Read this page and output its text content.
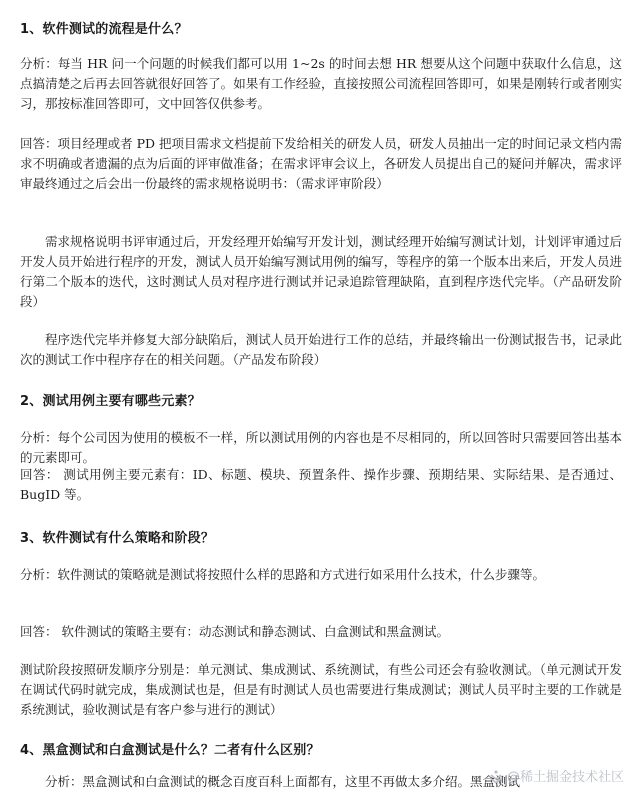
1、软件测试的流程是什么？

分析：每当 HR 问一个问题的时候我们都可以用 1~2s 的时间去想 HR 想要从这个问题中获取什么信息，这点搞清楚之后再去回答就很好回答了。如果有工作经验，直接按照公司流程回答即可，如果是刚转行或者刚实习，那按标准回答即可，文中回答仅供参考。

回答：项目经理或者 PD 把项目需求文档提前下发给相关的研发人员，研发人员抽出一定的时间记录文档内需求不明确或者遗漏的点为后面的评审做准备；在需求评审会议上，各研发人员提出自己的疑问并解决，需求评审最终通过之后会出一份最终的需求规格说明书：（需求评审阶段）

需求规格说明书评审通过后，开发经理开始编写开发计划，测试经理开始编写测试计划，计划评审通过后开发人员开始进行程序的开发，测试人员开始编写测试用例的编写，等程序的第一个版本出来后，开发人员进行第二个版本的迭代，这时测试人员对程序进行测试并记录追踪管理缺陷，直到程序迭代完毕。（产品研发阶段）

程序迭代完毕并修复大部分缺陷后，测试人员开始进行工作的总结，并最终输出一份测试报告书，记录此次的测试工作中程序存在的相关问题。（产品发布阶段）

2、测试用例主要有哪些元素？

分析：每个公司因为使用的模板不一样，所以测试用例的内容也是不尽相同的，所以回答时只需要回答出基本的元素即可。

回答： 测试用例主要元素有：ID、标题、模块、预置条件、操作步骤、预期结果、实际结果、是否通过、BugID 等。

3、软件测试有什么策略和阶段？

分析：软件测试的策略就是测试将按照什么样的思路和方式进行如采用什么技术，什么步骤等。

回答： 软件测试的策略主要有：动态测试和静态测试、白盒测试和黑盒测试。

测试阶段按照研发顺序分别是：单元测试、集成测试、系统测试，有些公司还会有验收测试。（单元测试开发在调试代码时就完成，集成测试也是，但是有时测试人员也需要进行集成测试；测试人员平时主要的工作就是系统测试，验收测试是有客户参与进行的测试）

4、黑盒测试和白盒测试是什么？二者有什么区别？

分析：黑盒测试和白盒测试的概念百度百科上面都有，这里不再做太多介绍。黑盒测试

@稀土掘金技术社区
